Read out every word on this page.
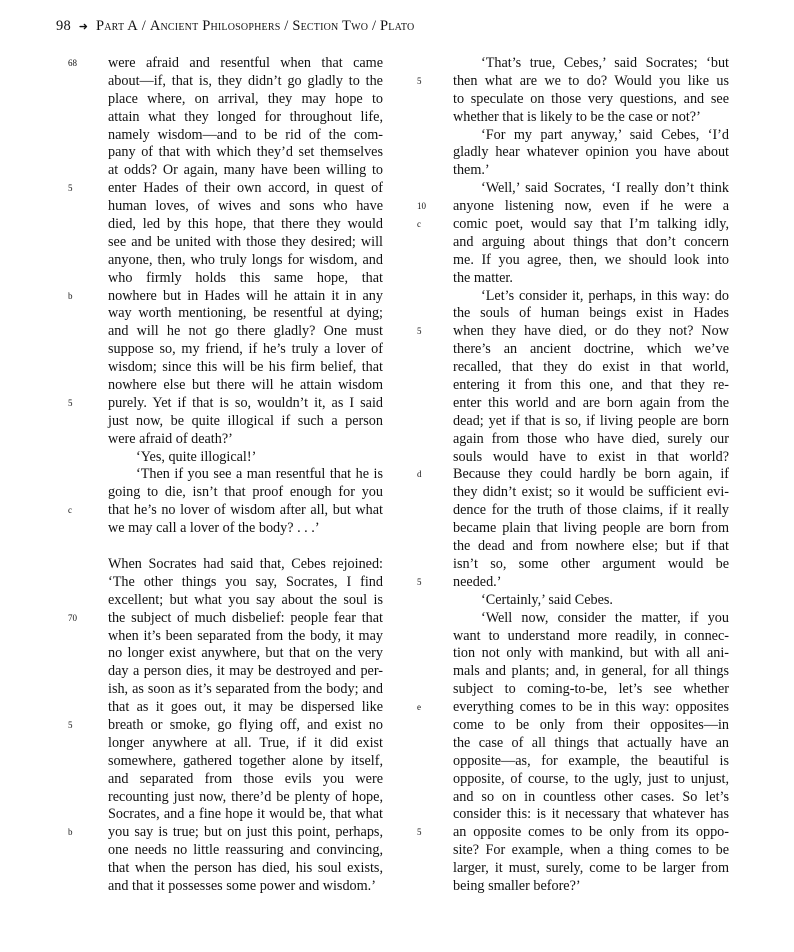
98 ➜ Part A / Ancient Philosophers / Section Two / Plato
68	were afraid and resentful when that came
about—if, that is, they didn’t go gladly to the
place where, on arrival, they may hope to
attain what they longed for throughout life,
namely wisdom—and to be rid of the com-
pany of that with which they’d set themselves
at odds? Or again, many have been willing to
5	enter Hades of their own accord, in quest of
human loves, of wives and sons who have
died, led by this hope, that there they would
see and be united with those they desired; will
anyone, then, who truly longs for wisdom, and
who firmly holds this same hope, that
b	nowhere but in Hades will he attain it in any
way worth mentioning, be resentful at dying;
and will he not go there gladly? One must
suppose so, my friend, if he’s truly a lover of
wisdom; since this will be his firm belief, that
nowhere else but there will he attain wisdom
5	purely. Yet if that is so, wouldn’t it, as I said
just now, be quite illogical if such a person
were afraid of death?’
‘Yes, quite illogical!’
‘Then if you see a man resentful that he is
going to die, isn’t that proof enough for you
c	that he’s no lover of wisdom after all, but what
we may call a lover of the body? . . .’
When Socrates had said that, Cebes rejoined:
‘The other things you say, Socrates, I find
excellent; but what you say about the soul is
70	the subject of much disbelief: people fear that
when it’s been separated from the body, it may
no longer exist anywhere, but that on the very
day a person dies, it may be destroyed and per-
ish, as soon as it’s separated from the body; and
that as it goes out, it may be dispersed like
5	breath or smoke, go flying off, and exist no
longer anywhere at all. True, if it did exist
somewhere, gathered together alone by itself,
and separated from those evils you were
recounting just now, there’d be plenty of hope,
Socrates, and a fine hope it would be, that what
b	you say is true; but on just this point, perhaps,
one needs no little reassuring and convincing,
that when the person has died, his soul exists,
and that it possesses some power and wisdom.’
‘That’s true, Cebes,’ said Socrates; ‘but
5	then what are we to do? Would you like us
to speculate on those very questions, and see
whether that is likely to be the case or not?’
‘For my part anyway,’ said Cebes, ‘I’d
gladly hear whatever opinion you have about
them.’
‘Well,’ said Socrates, ‘I really don’t think
10	anyone listening now, even if he were a
c	comic poet, would say that I’m talking idly,
and arguing about things that don’t concern
me. If you agree, then, we should look into
the matter.
‘Let’s consider it, perhaps, in this way: do
the souls of human beings exist in Hades
5	when they have died, or do they not? Now
there’s an ancient doctrine, which we’ve
recalled, that they do exist in that world,
entering it from this one, and that they re-
enter this world and are born again from the
dead; yet if that is so, if living people are born
again from those who have died, surely our
souls would have to exist in that world?
d	Because they could hardly be born again, if
they didn’t exist; so it would be sufficient evi-
dence for the truth of those claims, if it really
became plain that living people are born from
the dead and from nowhere else; but if that
isn’t so, some other argument would be
5	needed.’
‘Certainly,’ said Cebes.
‘Well now, consider the matter, if you
want to understand more readily, in connec-
tion not only with mankind, but with all ani-
mals and plants; and, in general, for all things
subject to coming-to-be, let’s see whether
e	everything comes to be in this way: opposites
come to be only from their opposites—in
the case of all things that actually have an
opposite—as, for example, the beautiful is
opposite, of course, to the ugly, just to unjust,
and so on in countless other cases. So let’s
consider this: is it necessary that whatever has
5	an opposite comes to be only from its oppo-
site? For example, when a thing comes to be
larger, it must, surely, come to be larger from
being smaller before?’
